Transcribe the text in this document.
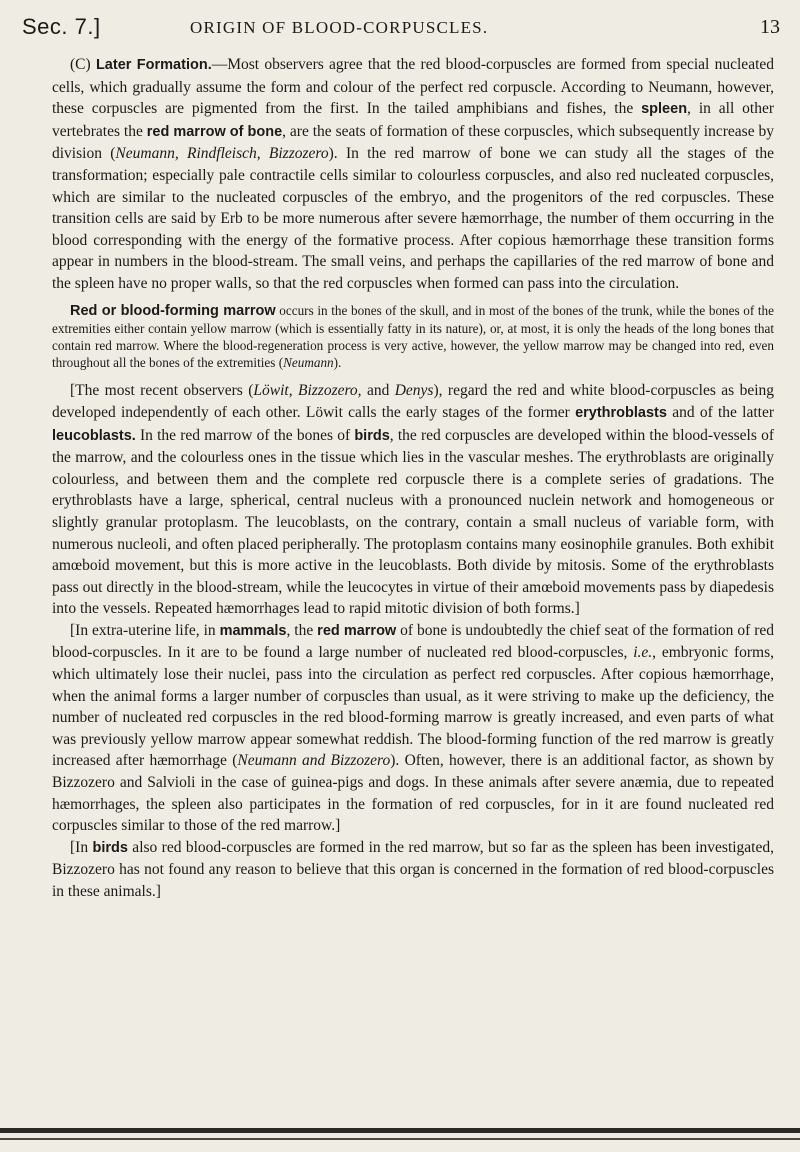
Sec. 7.]	ORIGIN OF BLOOD-CORPUSCLES.	13

(C) Later Formation.—Most observers agree that the red blood-corpuscles are formed from special nucleated cells, which gradually assume the form and colour of the perfect red corpuscle. According to Neumann, however, these corpuscles are pigmented from the first. In the tailed amphibians and fishes, the spleen, in all other vertebrates the red marrow of bone, are the seats of formation of these corpuscles, which subsequently increase by division (Neumann, Rindfleisch, Bizzozero). In the red marrow of bone we can study all the stages of the transformation; especially pale contractile cells similar to colourless corpuscles, and also red nucleated corpuscles, which are similar to the nucleated corpuscles of the embryo, and the progenitors of the red corpuscles. These transition cells are said by Erb to be more numerous after severe hæmorrhage, the number of them occurring in the blood corresponding with the energy of the formative process. After copious hæmorrhage these transition forms appear in numbers in the blood-stream. The small veins, and perhaps the capillaries of the red marrow of bone and the spleen have no proper walls, so that the red corpuscles when formed can pass into the circulation.

Red or blood-forming marrow occurs in the bones of the skull, and in most of the bones of the trunk, while the bones of the extremities either contain yellow marrow (which is essentially fatty in its nature), or, at most, it is only the heads of the long bones that contain red marrow. Where the blood-regeneration process is very active, however, the yellow marrow may be changed into red, even throughout all the bones of the extremities (Neumann).

[The most recent observers (Löwit, Bizzozero, and Denys), regard the red and white blood-corpuscles as being developed independently of each other. Löwit calls the early stages of the former erythroblasts and of the latter leucoblasts. In the red marrow of the bones of birds, the red corpuscles are developed within the blood-vessels of the marrow, and the colourless ones in the tissue which lies in the vascular meshes. The erythroblasts are originally colourless, and between them and the complete red corpuscle there is a complete series of gradations. The erythroblasts have a large, spherical, central nucleus with a pronounced nuclein network and homogeneous or slightly granular protoplasm. The leucoblasts, on the contrary, contain a small nucleus of variable form, with numerous nucleoli, and often placed peripherally. The protoplasm contains many eosinophile granules. Both exhibit amœboid movement, but this is more active in the leucoblasts. Both divide by mitosis. Some of the erythroblasts pass out directly in the blood-stream, while the leucocytes in virtue of their amœboid movements pass by diapedesis into the vessels. Repeated hæmorrhages lead to rapid mitotic division of both forms.]

[In extra-uterine life, in mammals, the red marrow of bone is undoubtedly the chief seat of the formation of red blood-corpuscles. In it are to be found a large number of nucleated red blood-corpuscles, i.e., embryonic forms, which ultimately lose their nuclei, pass into the circulation as perfect red corpuscles. After copious hæmorrhage, when the animal forms a larger number of corpuscles than usual, as it were striving to make up the deficiency, the number of nucleated red corpuscles in the red blood-forming marrow is greatly increased, and even parts of what was previously yellow marrow appear somewhat reddish. The blood-forming function of the red marrow is greatly increased after hæmorrhage (Neumann and Bizzozero). Often, however, there is an additional factor, as shown by Bizzozero and Salvioli in the case of guinea-pigs and dogs. In these animals after severe anæmia, due to repeated hæmorrhages, the spleen also participates in the formation of red corpuscles, for in it are found nucleated red corpuscles similar to those of the red marrow.]

[In birds also red blood-corpuscles are formed in the red marrow, but so far as the spleen has been investigated, Bizzozero has not found any reason to believe that this organ is concerned in the formation of red blood-corpuscles in these animals.]
